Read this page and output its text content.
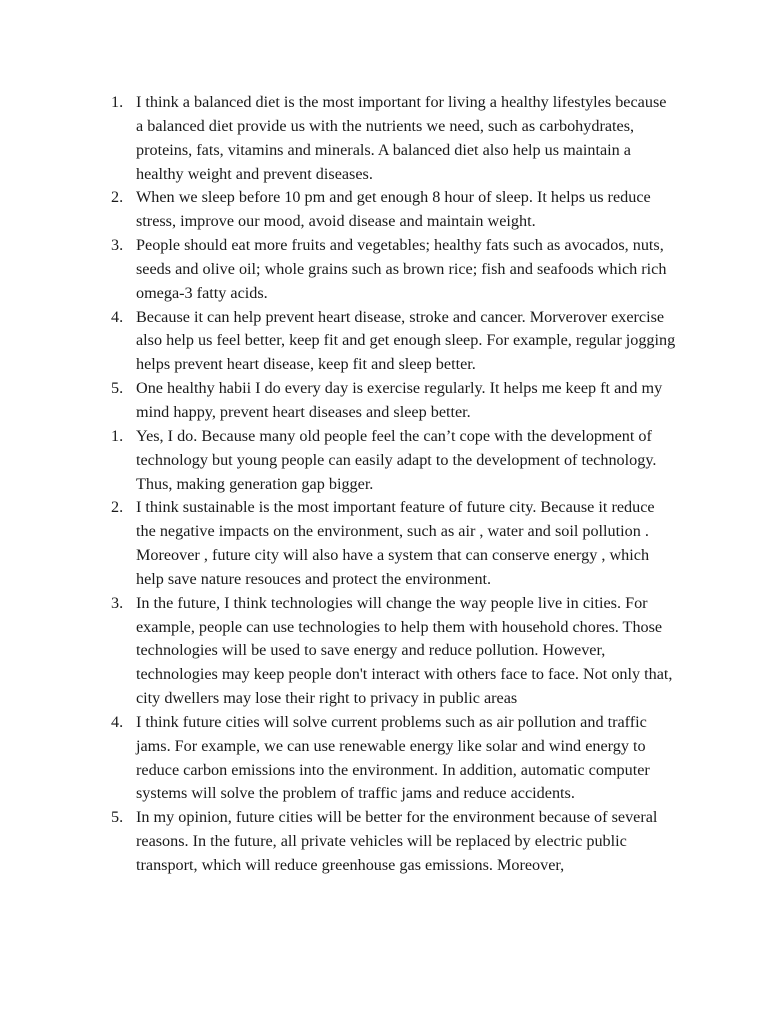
1. I think a balanced diet is the most important for living a healthy lifestyles because a balanced diet provide us with the nutrients we need, such as carbohydrates, proteins, fats, vitamins and minerals. A balanced diet also help us maintain a healthy weight and prevent diseases.
2. When we sleep before 10 pm and get enough 8 hour of sleep. It helps us reduce stress, improve our mood, avoid disease and maintain weight.
3. People should eat more fruits and vegetables; healthy fats such as avocados, nuts, seeds and olive oil; whole grains such as brown rice; fish and seafoods which rich omega-3 fatty acids.
4. Because it can help prevent heart disease, stroke and cancer. Morverover exercise also help us feel better, keep fit and get enough sleep. For example, regular jogging helps prevent heart disease, keep fit and sleep better.
5. One healthy habii I do every day is exercise regularly. It helps me keep ft and my mind happy, prevent heart diseases and sleep better.
1. Yes, I do. Because many old people feel the can’t cope with the development of technology but young people can easily adapt to the development of technology. Thus, making generation gap bigger.
2. I think sustainable is the most important feature of future city. Because it reduce the negative impacts on the environment, such as air , water and soil pollution . Moreover , future city will also have a system that can conserve energy , which help save nature resouces and protect the environment.
3. In the future, I think technologies will change the way people live in cities. For example, people can use technologies to help them with household chores. Those technologies will be used to save energy and reduce pollution. However, technologies may keep people don't interact with others face to face. Not only that, city dwellers may lose their right to privacy in public areas
4. I think future cities will solve current problems such as air pollution and traffic jams. For example, we can use renewable energy like solar and wind energy to reduce carbon emissions into the environment. In addition, automatic computer systems will solve the problem of traffic jams and reduce accidents.
5. In my opinion, future cities will be better for the environment because of several reasons. In the future, all private vehicles will be replaced by electric public transport, which will reduce greenhouse gas emissions. Moreover,
